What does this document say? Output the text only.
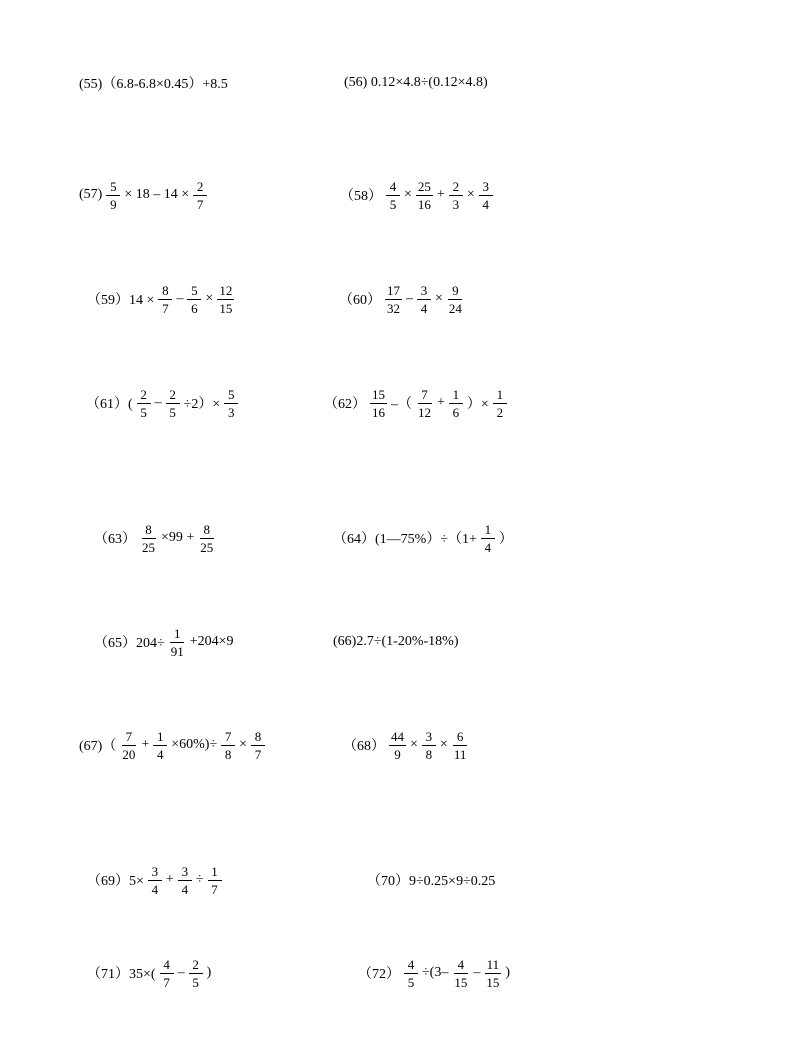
(55)（6.8-6.8×0.45）+8.5	(56) 0.12×4.8÷(0.12×4.8)
$(57) \frac{5}{9} \times 18 - 14 \times \frac{2}{7}$	$(58) \frac{4}{5} \times \frac{25}{16} + \frac{2}{3} \times \frac{3}{4}$
$(59)14 \times \frac{8}{7} - \frac{5}{6} \times \frac{12}{15}$	$(60) \frac{17}{32} - \frac{3}{4} \times \frac{9}{24}$
$(61)( \frac{2}{5} - \frac{2}{5} \div 2)\times \frac{5}{3}$	$(62) \frac{15}{16}$ –（ $\frac{7}{12} + \frac{1}{6}$ ）× $\frac{1}{2}$
$(63) \frac{8}{25} \times 99 + \frac{8}{25}$	（64）(1—75%）÷（1+ $\frac{1}{4}$ ）
$(65)204\div \frac{1}{91} +204\times 9$	(66)2.7÷(1-20%-18%)
$(67)( \frac{7}{20} + \frac{1}{4} \times 60\%)\div \frac{7}{8} \times \frac{8}{7}$	$(68) \frac{44}{9} \times \frac{3}{8} \times \frac{6}{11}$
$(69)5\times \frac{3}{4} + \frac{3}{4} \div \frac{1}{7}$	（70）9÷0.25×9÷0.25
$(71)35\times( \frac{4}{7} - \frac{2}{5}$ )	$(72) \frac{4}{5} \div(3- \frac{4}{15} - \frac{11}{15}$ )
